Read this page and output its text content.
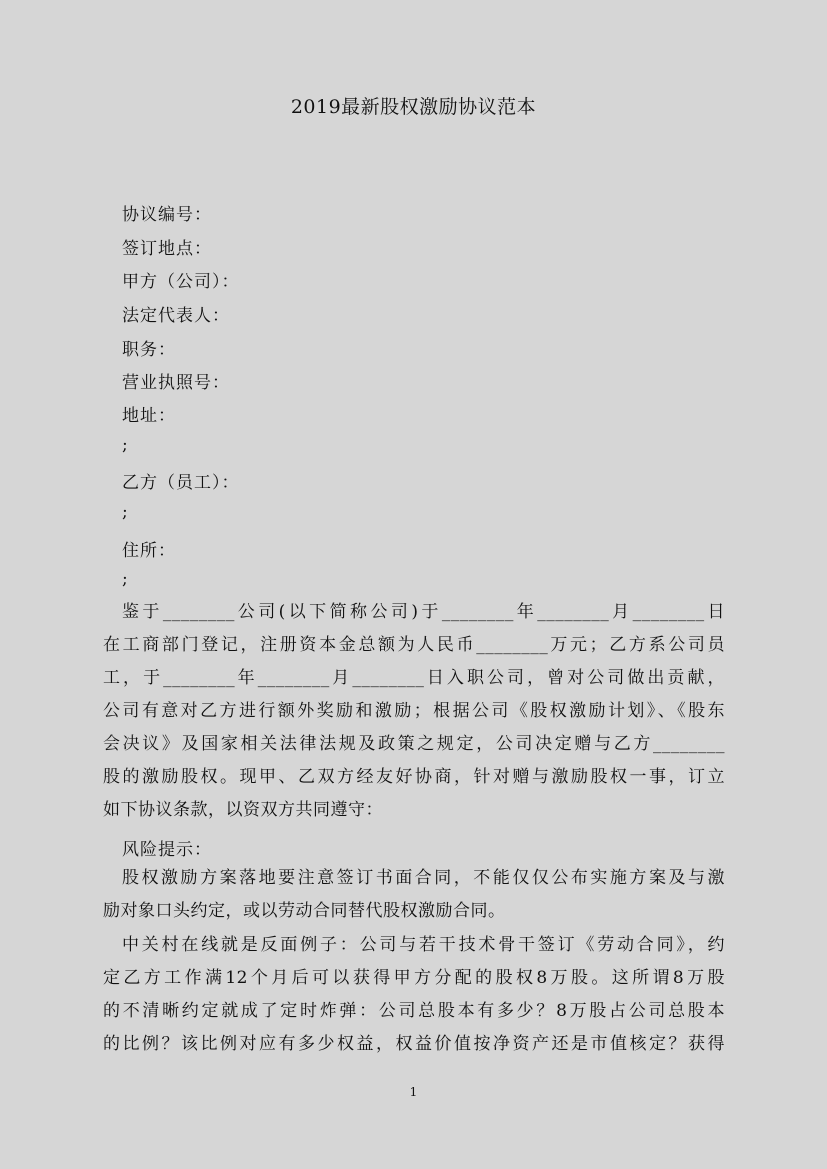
2019最新股权激励协议范本
协议编号：
签订地点：
甲方（公司）：
法定代表人：
职务：
营业执照号：
地址：
;
乙方（员工）：
;
住所：
;
鉴于________公司(以下简称公司)于________年________月________日
在工商部门登记，注册资本金总额为人民币________万元；乙方系公司员
工，于________年________月________日入职公司，曾对公司做出贡献，
公司有意对乙方进行额外奖励和激励；根据公司《股权激励计划》、《股东
会决议》及国家相关法律法规及政策之规定，公司决定赠与乙方________
股的激励股权。现甲、乙双方经友好协商，针对赠与激励股权一事，订立
如下协议条款，以资双方共同遵守：
风险提示：
股权激励方案落地要注意签订书面合同，不能仅仅公布实施方案及与激
励对象口头约定，或以劳动合同替代股权激励合同。
中关村在线就是反面例子：公司与若干技术骨干签订《劳动合同》，约
定乙方工作满12个月后可以获得甲方分配的股权8万股。这所谓8万股
的不清晰约定就成了定时炸弹：公司总股本有多少？8万股占公司总股本
的比例？该比例对应有多少权益，权益价值按净资产还是市值核定？获得
1
